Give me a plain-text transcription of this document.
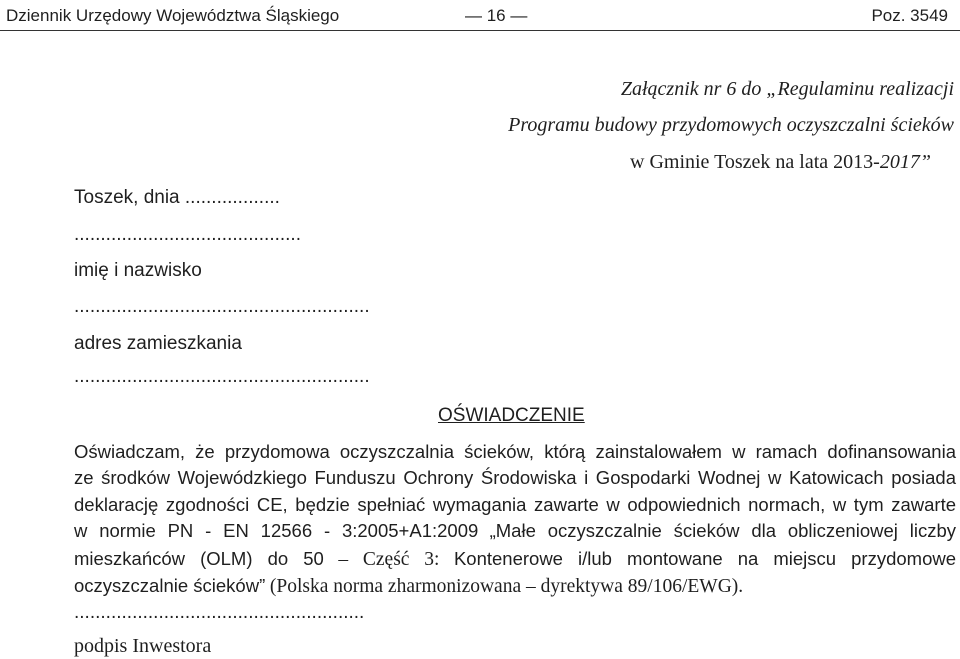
Dziennik Urzędowy Województwa Śląskiego	— 16 —	Poz. 3549
Załącznik nr 6 do „Regulaminu realizacji
Programu budowy przydomowych oczyszczalni ścieków
w Gminie Toszek na lata 2013-2017”
Toszek, dnia ..................
...........................................
imię i nazwisko
........................................................
adres zamieszkania
........................................................
OŚWIADCZENIE
Oświadczam, że przydomowa oczyszczalnia ścieków, którą zainstalowałem w ramach dofinansowania
ze środków Wojewódzkiego Funduszu Ochrony Środowiska i Gospodarki Wodnej w Katowicach posiada
deklarację zgodności CE, będzie spełniać wymagania zawarte w odpowiednich normach, w tym zawarte
w normie PN - EN 12566 - 3:2005+A1:2009 „Małe oczyszczalnie ścieków dla obliczeniowej liczby
mieszkańców (OLM) do 50 – Część 3: Kontenerowe i/lub montowane na miejscu przydomowe
oczyszczalnie ścieków” (Polska norma zharmonizowana – dyrektywa 89/106/EWG).
.......................................................
podpis Inwestora
